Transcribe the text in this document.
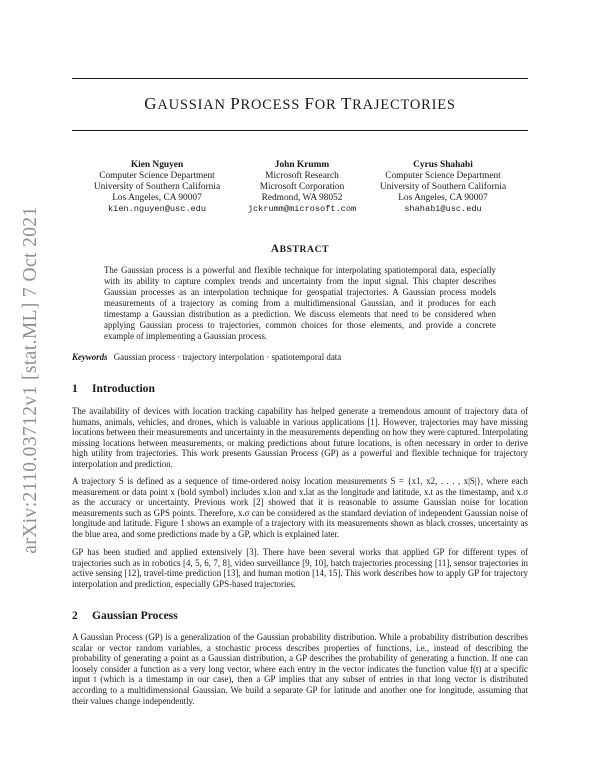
arXiv:2110.03712v1 [stat.ML] 7 Oct 2021
GAUSSIAN PROCESS FOR TRAJECTORIES
Kien Nguyen
Computer Science Department
University of Southern California
Los Angeles, CA 90007
kien.nguyen@usc.edu
John Krumm
Microsoft Research
Microsoft Corporation
Redmond, WA 98052
jckrumm@microsoft.com
Cyrus Shahabi
Computer Science Department
University of Southern California
Los Angeles, CA 90007
shahabi@usc.edu
ABSTRACT
The Gaussian process is a powerful and flexible technique for interpolating spatiotemporal data, especially with its ability to capture complex trends and uncertainty from the input signal. This chapter describes Gaussian processes as an interpolation technique for geospatial trajectories. A Gaussian process models measurements of a trajectory as coming from a multidimensional Gaussian, and it produces for each timestamp a Gaussian distribution as a prediction. We discuss elements that need to be considered when applying Gaussian process to trajectories, common choices for those elements, and provide a concrete example of implementing a Gaussian process.
Keywords Gaussian process · trajectory interpolation · spatiotemporal data
1 Introduction
The availability of devices with location tracking capability has helped generate a tremendous amount of trajectory data of humans, animals, vehicles, and drones, which is valuable in various applications [1]. However, trajectories may have missing locations between their measurements and uncertainty in the measurements depending on how they were captured. Interpolating missing locations between measurements, or making predictions about future locations, is often necessary in order to derive high utility from trajectories. This work presents Gaussian Process (GP) as a powerful and flexible technique for trajectory interpolation and prediction.
A trajectory S is defined as a sequence of time-ordered noisy location measurements S = {x1, x2, . . . , x|S|}, where each measurement or data point x (bold symbol) includes x.lon and x.lat as the longitude and latitude, x.t as the timestamp, and x.σ as the accuracy or uncertainty. Previous work [2] showed that it is reasonable to assume Gaussian noise for location measurements such as GPS points. Therefore, x.σ can be considered as the standard deviation of independent Gaussian noise of longitude and latitude. Figure 1 shows an example of a trajectory with its measurements shown as black crosses, uncertainty as the blue area, and some predictions made by a GP, which is explained later.
GP has been studied and applied extensively [3]. There have been several works that applied GP for different types of trajectories such as in robotics [4, 5, 6, 7, 8], video surveillance [9, 10], batch trajectories processing [11], sensor trajectories in active sensing [12], travel-time prediction [13], and human motion [14, 15]. This work describes how to apply GP for trajectory interpolation and prediction, especially GPS-based trajectories.
2 Gaussian Process
A Gaussian Process (GP) is a generalization of the Gaussian probability distribution. While a probability distribution describes scalar or vector random variables, a stochastic process describes properties of functions, i.e., instead of describing the probability of generating a point as a Gaussian distribution, a GP describes the probability of generating a function. If one can loosely consider a function as a very long vector, where each entry in the vector indicates the function value f(t) at a specific input t (which is a timestamp in our case), then a GP implies that any subset of entries in that long vector is distributed according to a multidimensional Gaussian. We build a separate GP for latitude and another one for longitude, assuming that their values change independently.
